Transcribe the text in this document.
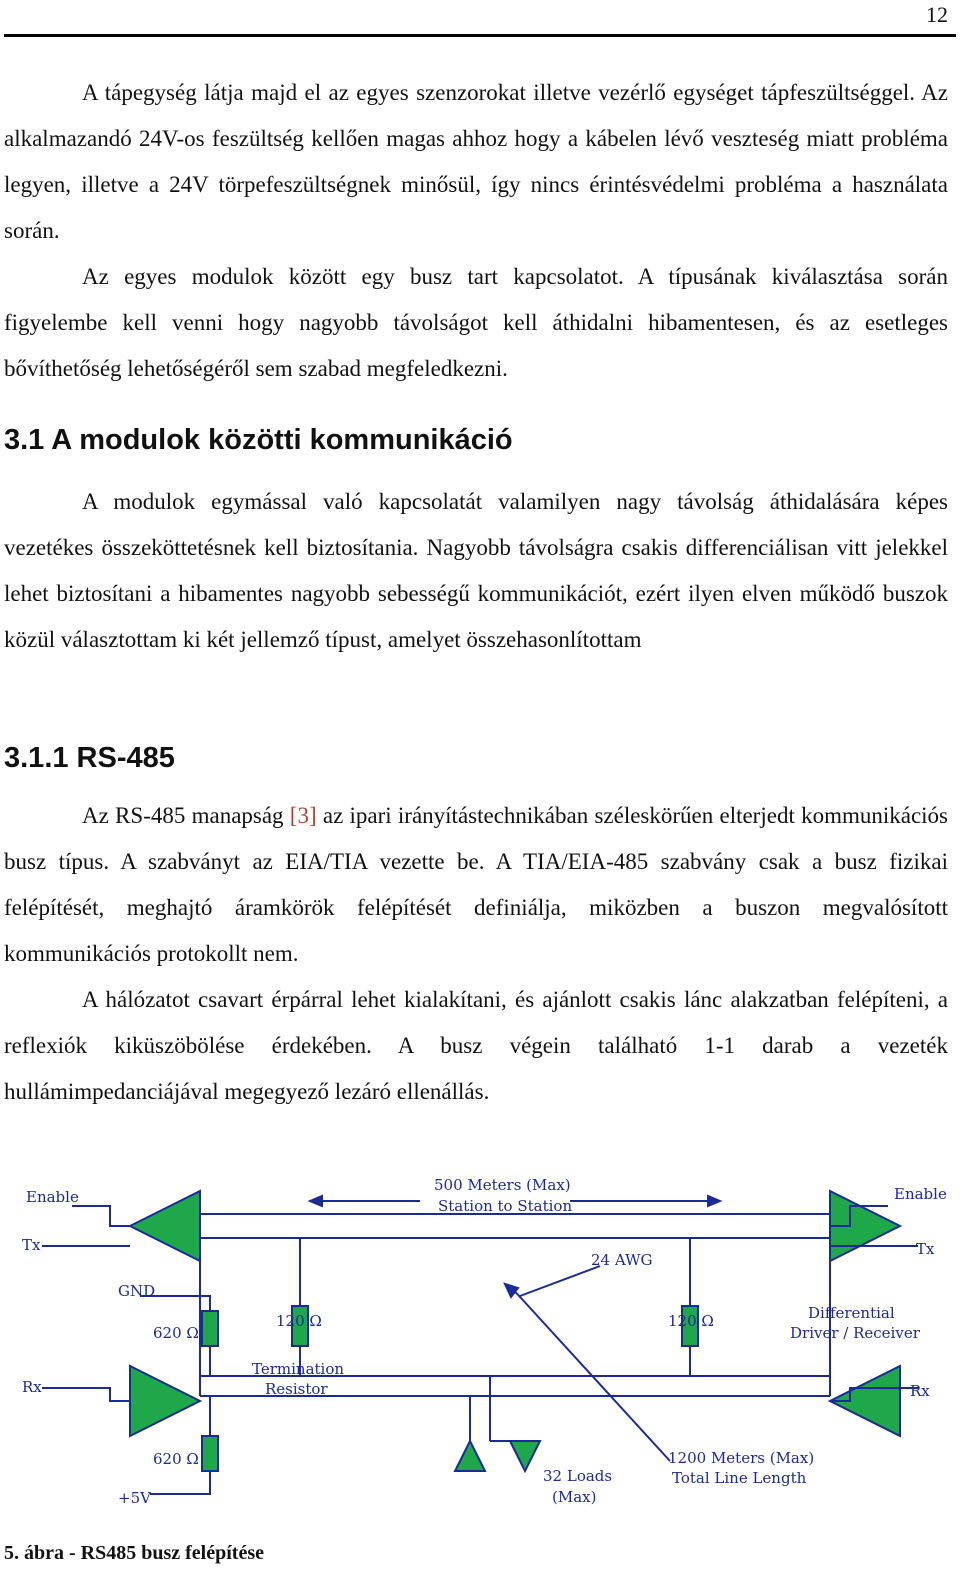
12

A tápegység látja majd el az egyes szenzorokat illetve vezérlő egységet tápfeszültséggel. Az alkalmazandó 24V-os feszültség kellően magas ahhoz hogy a kábelen lévő veszteség miatt probléma legyen, illetve a 24V törpefeszültségnek minősül, így nincs érintésvédelmi probléma a használata során.

Az egyes modulok között egy busz tart kapcsolatot. A típusának kiválasztása során figyelembe kell venni hogy nagyobb távolságot kell áthidalni hibamentesen, és az esetleges bővíthetőség lehetőségéről sem szabad megfeledkezni.

3.1 A modulok közötti kommunikáció

A modulok egymással való kapcsolatát valamilyen nagy távolság áthidalására képes vezetékes összeköttetésnek kell biztosítania. Nagyobb távolságra csakis differenciálisan vitt jelekkel lehet biztosítani a hibamentes nagyobb sebességű kommunikációt, ezért ilyen elven működő buszok közül választottam ki két jellemző típust, amelyet összehasonlítottam

3.1.1 RS-485

Az RS-485 manapság [3] az ipari irányítástechnikában széleskörűen elterjedt kommunikációs busz típus. A szabványt az EIA/TIA vezette be. A TIA/EIA-485 szabvány csak a busz fizikai felépítését, meghajtó áramkörök felépítését definiálja, miközben a buszon megvalósított kommunikációs protokollt nem.

A hálózatot csavart érpárral lehet kialakítani, és ajánlott csakis lánc alakzatban felépíteni, a reflexiók kiküszöbölése érdekében. A busz végein található 1-1 darab a vezeték hullámimpedanciájával megegyező lezáró ellenállás.

Enable
Tx
GND
620 Ω
120 Ω
Termination
Resistor
Rx
620 Ω
+5V
500 Meters (Max)
Station to Station
24 AWG
32 Loads
(Max)
1200 Meters (Max)
Total Line Length
120 Ω	Differential
Driver / Receiver
Enable
Tx
Rx
5. ábra - RS485 busz felépítése
